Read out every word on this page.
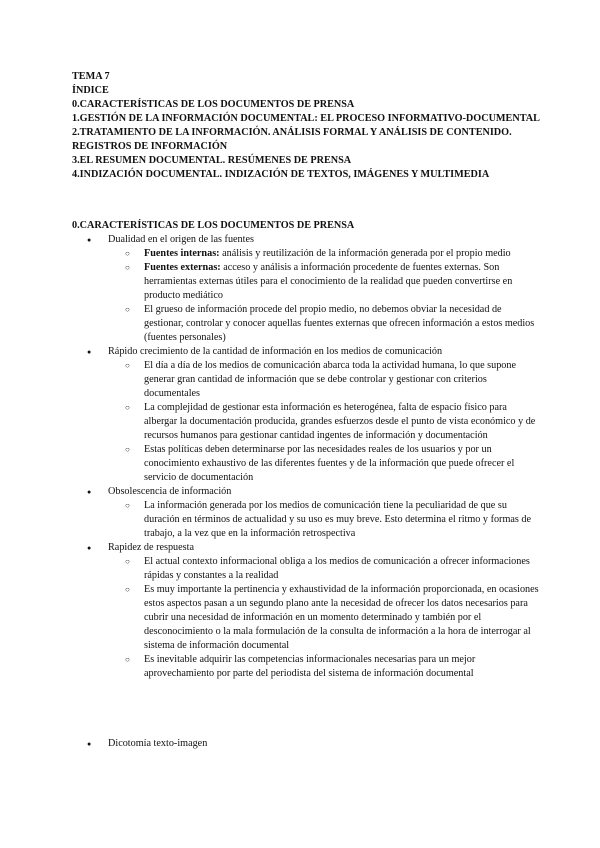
TEMA 7
ÍNDICE
0.CARACTERÍSTICAS DE LOS DOCUMENTOS DE PRENSA
1.GESTIÓN DE LA INFORMACIÓN DOCUMENTAL: EL PROCESO INFORMATIVO-DOCUMENTAL
2.TRATAMIENTO DE LA INFORMACIÓN. ANÁLISIS FORMAL Y ANÁLISIS DE CONTENIDO. REGISTROS DE INFORMACIÓN
3.EL RESUMEN DOCUMENTAL. RESÚMENES DE PRENSA
4.INDIZACIÓN DOCUMENTAL. INDIZACIÓN DE TEXTOS, IMÁGENES Y MULTIMEDIA
0.CARACTERÍSTICAS DE LOS DOCUMENTOS DE PRENSA
● Dualidad en el origen de las fuentes
○ Fuentes internas: análisis y reutilización de la información generada por el propio medio
○ Fuentes externas: acceso y análisis a información procedente de fuentes externas. Son herramientas externas útiles para el conocimiento de la realidad que pueden convertirse en producto mediático
○ El grueso de información procede del propio medio, no debemos obviar la necesidad de gestionar, controlar y conocer aquellas fuentes externas que ofrecen información a estos medios (fuentes personales)
● Rápido crecimiento de la cantidad de información en los medios de comunicación
○ El día a día de los medios de comunicación abarca toda la actividad humana, lo que supone generar gran cantidad de información que se debe controlar y gestionar con criterios documentales
○ La complejidad de gestionar esta información es heterogénea, falta de espacio físico para albergar la documentación producida, grandes esfuerzos desde el punto de vista económico y de recursos humanos para gestionar cantidad ingentes de información y documentación
○ Estas políticas deben determinarse por las necesidades reales de los usuarios y por un conocimiento exhaustivo de las diferentes fuentes y de la información que puede ofrecer el servicio de documentación
● Obsolescencia de información
○ La información generada por los medios de comunicación tiene la peculiaridad de que su duración en términos de actualidad y su uso es muy breve. Esto determina el ritmo y formas de trabajo, a la vez que en la información retrospectiva
● Rapidez de respuesta
○ El actual contexto informacional obliga a los medios de comunicación a ofrecer informaciones rápidas y constantes a la realidad
○ Es muy importante la pertinencia y exhaustividad de la información proporcionada, en ocasiones estos aspectos pasan a un segundo plano ante la necesidad de ofrecer los datos necesarios para cubrir una necesidad de información en un momento determinado y también por el desconocimiento o la mala formulación de la consulta de información a la hora de interrogar al sistema de información documental
○ Es inevitable adquirir las competencias informacionales necesarias para un mejor aprovechamiento por parte del periodista del sistema de información documental
● Dicotomía texto-imagen
